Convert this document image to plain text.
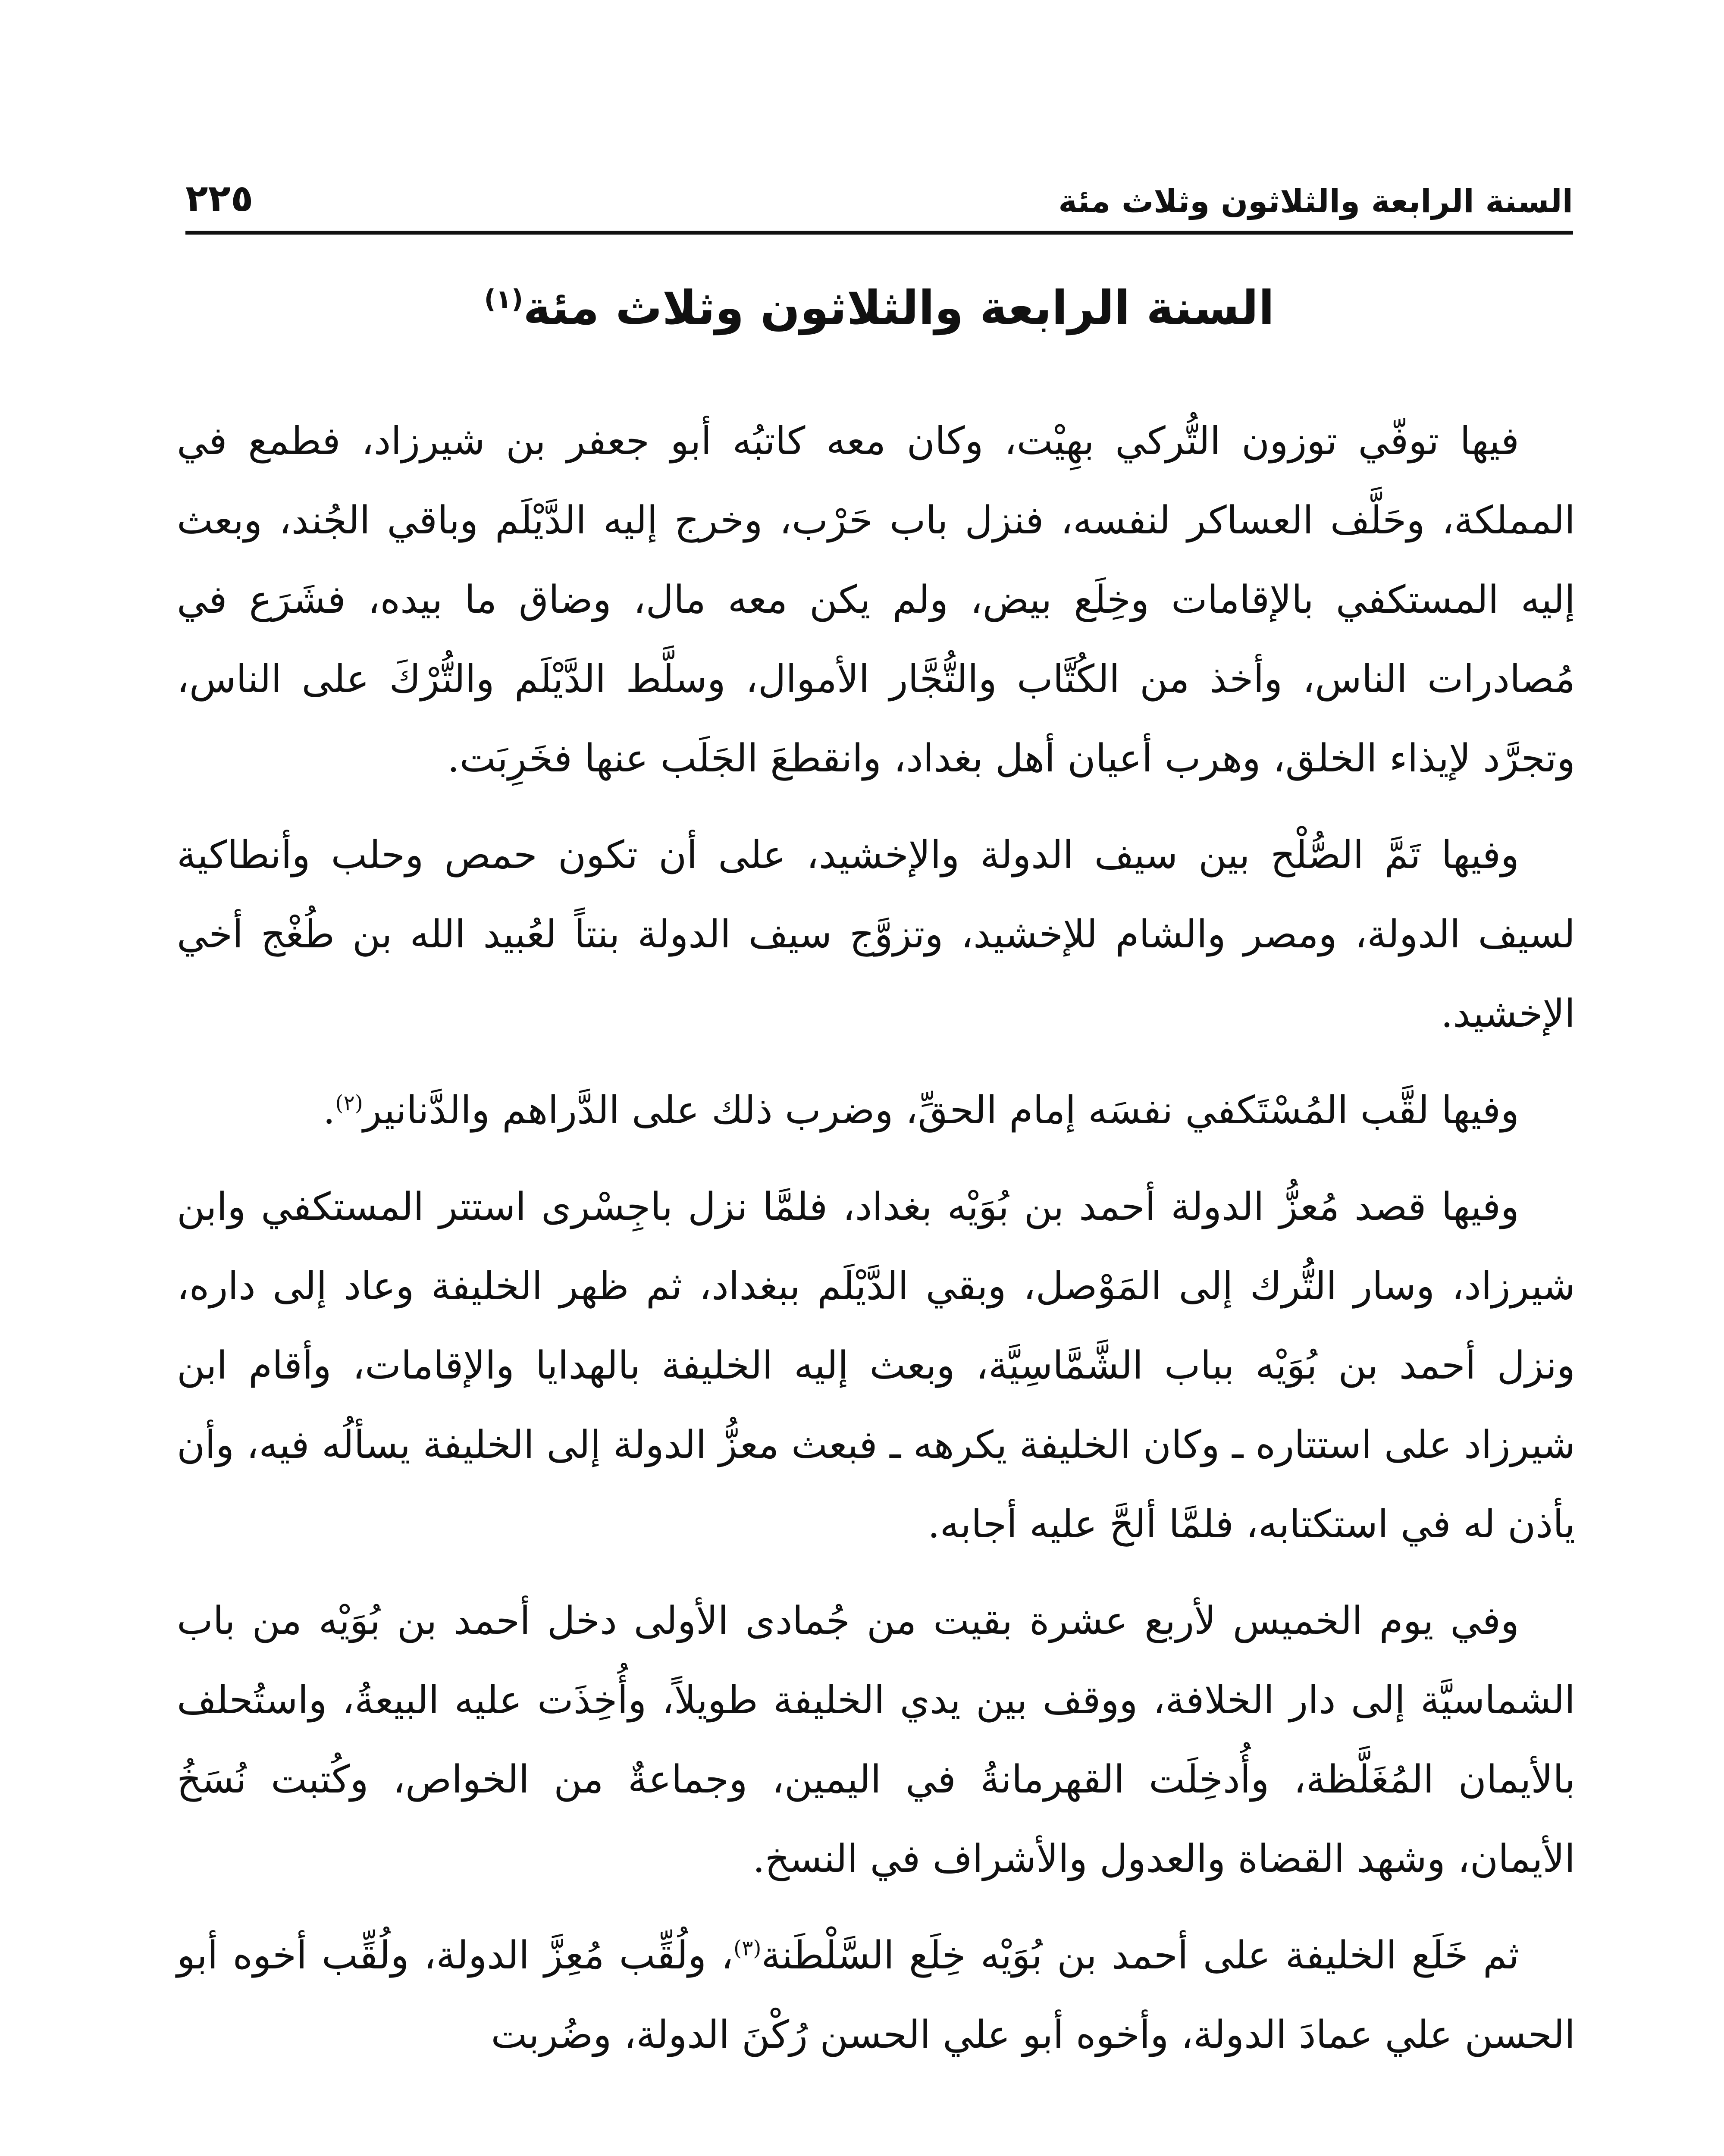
السنة الرابعة والثلاثون وثلاث مئة
٢٢٥
السنة الرابعة والثلاثون وثلاث مئة$^{(١)}$

فيها توفّي توزون التُّركي بهِيْت، وكان معه كاتبُه أبو جعفر بن شيرزاد، فطمع في المملكة، وحَلَّف العساكر لنفسه، فنزل باب حَرْب، وخرج إليه الدَّيْلَم وباقي الجُند، وبعث إليه المستكفي بالإقامات وخِلَع بيض، ولم يكن معه مال، وضاق ما بيده، فشَرَع في مُصادرات الناس، وأخذ من الكُتَّاب والتُّجَّار الأموال، وسلَّط الدَّيْلَم والتُّرْكَ على الناس، وتجرَّد لإيذاء الخلق، وهرب أعيان أهل بغداد، وانقطعَ الجَلَب عنها فخَرِبَت.

وفيها تَمَّ الصُّلْح بين سيف الدولة والإخشيد، على أن تكون حمص وحلب وأنطاكية لسيف الدولة، ومصر والشام للإخشيد، وتزوَّج سيف الدولة بنتاً لعُبيد الله بن طُغْج أخي الإخشيد.

وفيها لقَّب المُسْتَكفي نفسَه إمام الحقِّ، وضرب ذلك على الدَّراهم والدَّنانير$^{(٢)}$.

وفيها قصد مُعزُّ الدولة أحمد بن بُوَيْه بغداد، فلمَّا نزل باجِسْرى استتر المستكفي وابن شيرزاد، وسار التُّرك إلى المَوْصل، وبقي الدَّيْلَم ببغداد، ثم ظهر الخليفة وعاد إلى داره، ونزل أحمد بن بُوَيْه بباب الشَّمَّاسِيَّة، وبعث إليه الخليفة بالهدايا والإقامات، وأقام ابن شيرزاد على استتاره ـ وكان الخليفة يكرهه ـ فبعث معزُّ الدولة إلى الخليفة يسألُه فيه، وأن يأذن له في استكتابه، فلمَّا ألحَّ عليه أجابه.

وفي يوم الخميس لأربع عشرة بقيت من جُمادى الأولى دخل أحمد بن بُوَيْه من باب الشماسيَّة إلى دار الخلافة، ووقف بين يدي الخليفة طويلاً، وأُخِذَت عليه البيعةُ، واستُحلف بالأيمان المُغَلَّظة، وأُدخِلَت القهرمانةُ في اليمين، وجماعةٌ من الخواص، وكُتبت نُسَخُ الأيمان، وشهد القضاة والعدول والأشراف في النسخ.

ثم خَلَع الخليفة على أحمد بن بُوَيْه خِلَع السَّلْطَنة$^{(٣)}$، ولُقِّب مُعِزَّ الدولة، ولُقِّب أخوه أبو الحسن علي عمادَ الدولة، وأخوه أبو علي الحسن رُكْنَ الدولة، وضُربت
